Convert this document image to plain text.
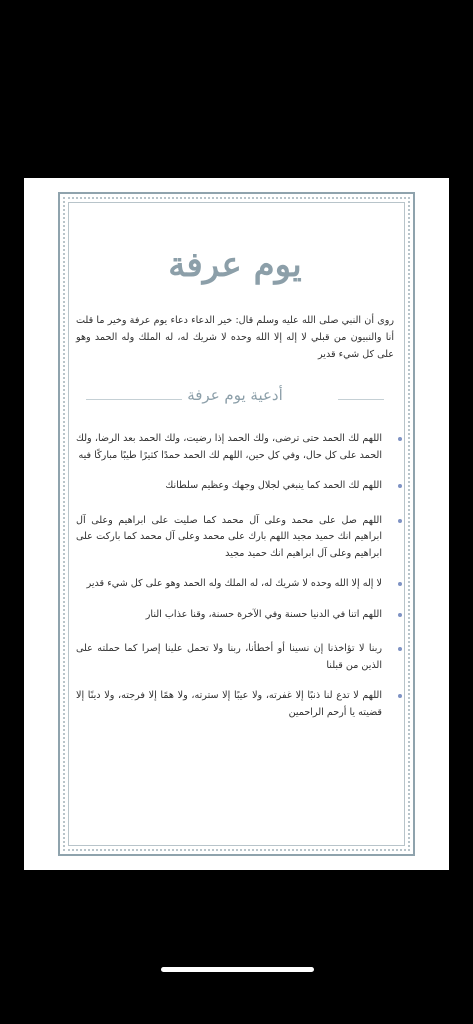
يوم عرفة
روى أن النبي صلى الله عليه وسلم قال: خير الدعاء دعاء يوم عرفة وخير ما قلت أنا والنبيون من قبلي لا إله إلا الله وحده لا شريك له، له الملك وله الحمد وهو على كل شيء قدير
أدعية يوم عرفة
اللهم لك الحمد حتى ترضى، ولك الحمد إذا رضيت، ولك الحمد بعد الرضا، ولك الحمد على كل حال، وفي كل حين، اللهم لك الحمد حمدًا كثيرًا طيبًا مباركًا فيه
اللهم لك الحمد كما ينبغي لجلال وجهك وعظيم سلطانك
اللهم صل على محمد وعلى آل محمد كما صليت على ابراهيم وعلى آل ابراهيم انك حميد مجيد اللهم بارك على محمد وعلى آل محمد كما باركت على ابراهيم وعلى آل ابراهيم انك حميد مجيد
لا إله إلا الله وحده لا شريك له، له الملك وله الحمد وهو على كل شيء قدير
اللهم اتنا في الدنيا حسنة وفي الآخرة حسنة، وقنا عذاب النار
ربنا لا تؤاخذنا إن نسينا أو أخطأنا، ربنا ولا تحمل علينا إصرا كما حملته على الذين من قبلنا
اللهم لا تدع لنا ذنبًا إلا غفرته، ولا عيبًا إلا سترته، ولا همًا إلا فرجته، ولا دينًا إلا قضيته يا أرحم الراحمين
